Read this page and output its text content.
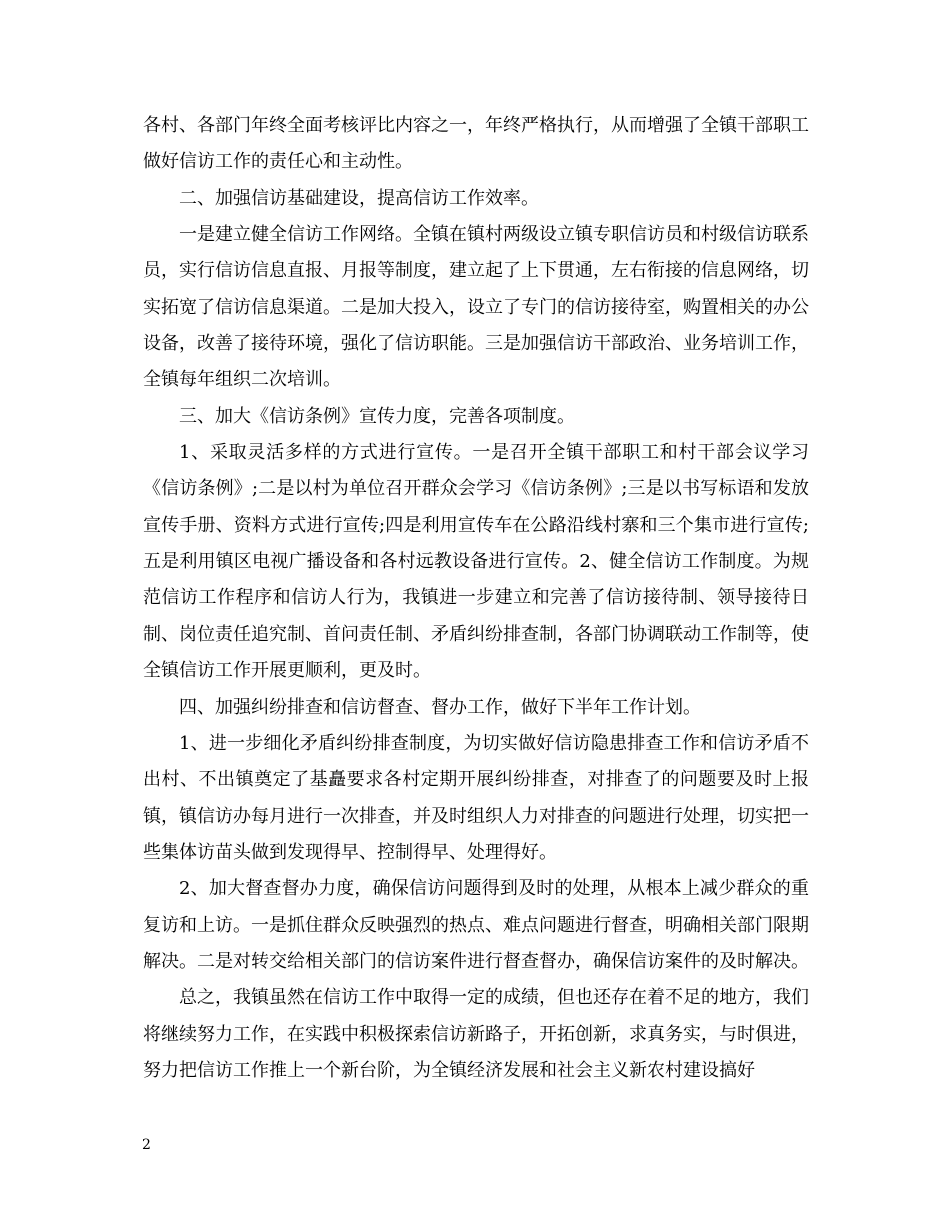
各村、各部门年终全面考核评比内容之一，年终严格执行，从而增强了全镇干部职工做好信访工作的责任心和主动性。

二、加强信访基础建设，提高信访工作效率。

一是建立健全信访工作网络。全镇在镇村两级设立镇专职信访员和村级信访联系员，实行信访信息直报、月报等制度，建立起了上下贯通，左右衔接的信息网络，切实拓宽了信访信息渠道。二是加大投入，设立了专门的信访接待室，购置相关的办公设备，改善了接待环境，强化了信访职能。三是加强信访干部政治、业务培训工作，全镇每年组织二次培训。

三、加大《信访条例》宣传力度，完善各项制度。

1、采取灵活多样的方式进行宣传。一是召开全镇干部职工和村干部会议学习《信访条例》;二是以村为单位召开群众会学习《信访条例》;三是以书写标语和发放宣传手册、资料方式进行宣传;四是利用宣传车在公路沿线村寨和三个集市进行宣传;五是利用镇区电视广播设备和各村远教设备进行宣传。2、健全信访工作制度。为规范信访工作程序和信访人行为，我镇进一步建立和完善了信访接待制、领导接待日制、岗位责任追究制、首问责任制、矛盾纠纷排查制，各部门协调联动工作制等，使全镇信访工作开展更顺利，更及时。

四、加强纠纷排查和信访督查、督办工作，做好下半年工作计划。

1、进一步细化矛盾纠纷排查制度，为切实做好信访隐患排查工作和信访矛盾不出村、不出镇奠定了基矗要求各村定期开展纠纷排查，对排查了的问题要及时上报镇，镇信访办每月进行一次排查，并及时组织人力对排查的问题进行处理，切实把一些集体访苗头做到发现得早、控制得早、处理得好。

2、加大督查督办力度，确保信访问题得到及时的处理，从根本上减少群众的重复访和上访。一是抓住群众反映强烈的热点、难点问题进行督查，明确相关部门限期解决。二是对转交给相关部门的信访案件进行督查督办，确保信访案件的及时解决。

总之，我镇虽然在信访工作中取得一定的成绩，但也还存在着不足的地方，我们将继续努力工作，在实践中积极探索信访新路子，开拓创新，求真务实，与时俱进，努力把信访工作推上一个新台阶，为全镇经济发展和社会主义新农村建设搞好

2
